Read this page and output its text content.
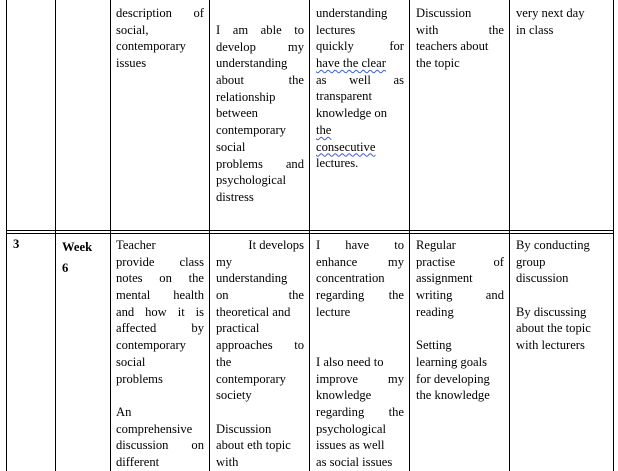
description of
social,
contemporary
issues
I am able to
develop my
understanding
about the
relationship
between
contemporary
social
problems and
psychological
distress
understanding
lectures
quickly for
have the clear
as well as
transparent
knowledge on
the
consecutive
lectures.
Discussion
with the
teachers about
the topic
very next day
in class
3	Week
6
Teacher
provide class
notes on the
mental health
and how it is
affected by
contemporary
social
problems
An
comprehensive
discussion on
different
It develops
my
understanding
on the
theoretical and
practical
approaches to
the
contemporary
society
Discussion
about eth topic
with
I have to
enhance my
concentration
regarding the
lecture
I also need to
improve my
knowledge
regarding the
psychological
issues as well
as social issues
Regular
practise of
assignment
writing and
reading
Setting
learning goals
for developing
the knowledge
By conducting
group
discussion
By discussing
about the topic
with lecturers
